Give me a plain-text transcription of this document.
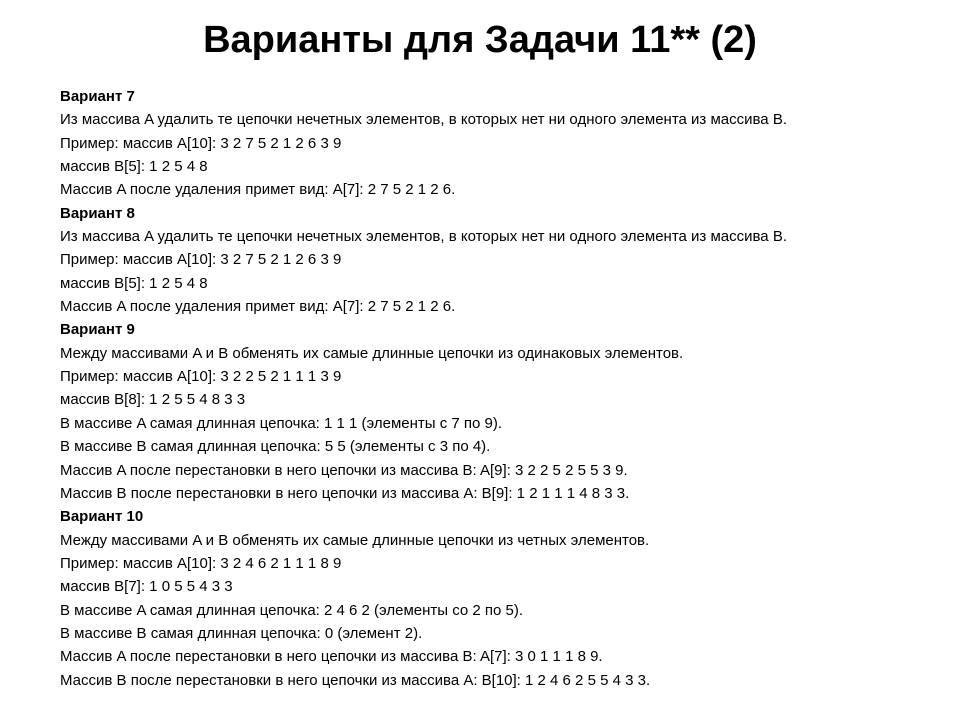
Варианты для Задачи 11** (2)

Вариант 7

Из массива A удалить те цепочки нечетных элементов, в которых нет ни одного элемента из массива B.

Пример: массив A[10]: 3 2 7 5 2 1 2 6 3 9

массив B[5]: 1 2 5 4 8

Массив A после удаления примет вид: A[7]: 2 7 5 2 1 2 6.

Вариант 8

Из массива A удалить те цепочки нечетных элементов, в которых нет ни одного элемента из массива B.

Пример: массив A[10]: 3 2 7 5 2 1 2 6 3 9

массив B[5]: 1 2 5 4 8

Массив A после удаления примет вид: A[7]: 2 7 5 2 1 2 6.

Вариант 9

Между массивами A и B обменять их самые длинные цепочки из одинаковых элементов.

Пример: массив A[10]: 3 2 2 5 2 1 1 1 3 9

массив B[8]: 1 2 5 5 4 8 3 3

В массиве A самая длинная цепочка: 1 1 1 (элементы с 7 по 9).

В массиве B самая длинная цепочка: 5 5 (элементы с 3 по 4).

Массив A после перестановки в него цепочки из массива B: A[9]: 3 2 2 5 2 5 5 3 9.

Массив B после перестановки в него цепочки из массива A: B[9]: 1 2 1 1 1 4 8 3 3.

Вариант 10

Между массивами A и B обменять их самые длинные цепочки из четных элементов.

Пример: массив A[10]: 3 2 4 6 2 1 1 1 8 9

массив B[7]: 1 0 5 5 4 3 3

В массиве A самая длинная цепочка: 2 4 6 2 (элементы со 2 по 5).

В массиве B самая длинная цепочка: 0 (элемент 2).

Массив A после перестановки в него цепочки из массива B: A[7]: 3 0 1 1 1 8 9.

Массив B после перестановки в него цепочки из массива A: B[10]: 1 2 4 6 2 5 5 4 3 3.
